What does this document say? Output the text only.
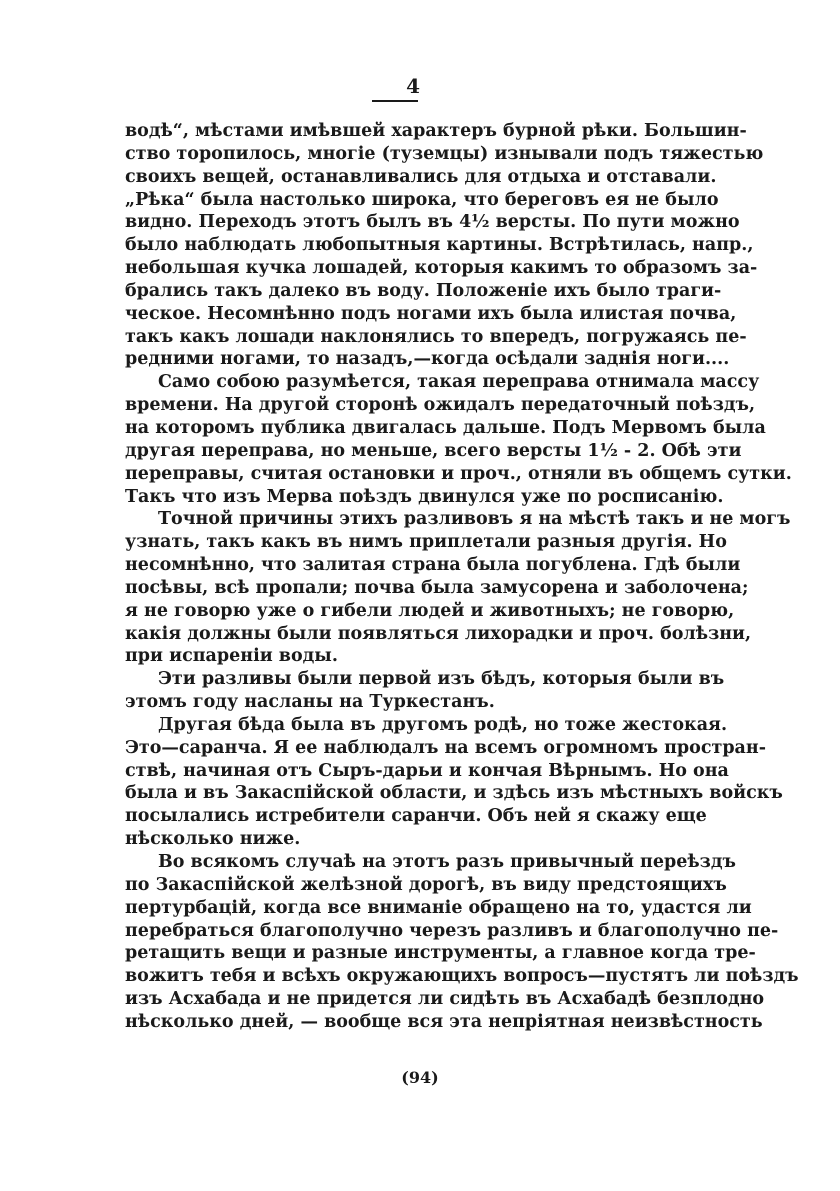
4
водѣ“, мѣстами имѣвшей характеръ бурной рѣки. Большин-
ство торопилось, многіе (туземцы) изнывали подъ тяжестью
своихъ вещей, останавливались для отдыха и отставали.
„Рѣка“ была настолько широка, что береговъ ея не было
видно. Переходъ этотъ былъ въ 4½ версты. По пути можно
было наблюдать любопытныя картины. Встрѣтилась, напр.,
небольшая кучка лошадей, которыя какимъ то образомъ за-
брались такъ далеко въ воду. Положеніе ихъ было траги-
ческое. Несомнѣнно подъ ногами ихъ была илистая почва,
такъ какъ лошади наклонялись то впередъ, погружаясь пе-
редними ногами, то назадъ,—когда осѣдали заднія ноги....
Само собою разумѣется, такая переправа отнимала массу
времени. На другой сторонѣ ожидалъ передаточный поѣздъ,
на которомъ публика двигалась дальше. Подъ Мервомъ была
другая переправа, но меньше, всего версты 1½ - 2. Обѣ эти
переправы, считая остановки и проч., отняли въ общемъ сутки.
Такъ что изъ Мерва поѣздъ двинулся уже по росписанію.
Точной причины этихъ разливовъ я на мѣстѣ такъ и не могъ
узнать, такъ какъ въ нимъ приплетали разныя другія. Но
несомнѣнно, что залитая страна была погублена. Гдѣ были
посѣвы, всѣ пропали; почва была замусорена и заболочена;
я не говорю уже о гибели людей и животныхъ; не говорю,
какія должны были появляться лихорадки и проч. болѣзни,
при испареніи воды.
Эти разливы были первой изъ бѣдъ, которыя были въ
этомъ году насланы на Туркестанъ.
Другая бѣда была въ другомъ родѣ, но тоже жестокая.
Это—саранча. Я ее наблюдалъ на всемъ огромномъ простран-
ствѣ, начиная отъ Сыръ-дарьи и кончая Вѣрнымъ. Но она
была и въ Закаспійской области, и здѣсь изъ мѣстныхъ войскъ
посылались истребители саранчи. Объ ней я скажу еще
нѣсколько ниже.
Во всякомъ случаѣ на этотъ разъ привычный переѣздъ
по Закаспійской желѣзной дорогѣ, въ виду предстоящихъ
пертурбацій, когда все вниманіе обращено на то, удастся ли
перебраться благополучно черезъ разливъ и благополучно пе-
ретащить вещи и разные инструменты, а главное когда тре-
вожитъ тебя и всѣхъ окружающихъ вопросъ—пустятъ ли поѣздъ
изъ Асхабада и не придется ли сидѣть въ Асхабадѣ безплодно
нѣсколько дней, — вообще вся эта непріятная неизвѣстность
(94)
